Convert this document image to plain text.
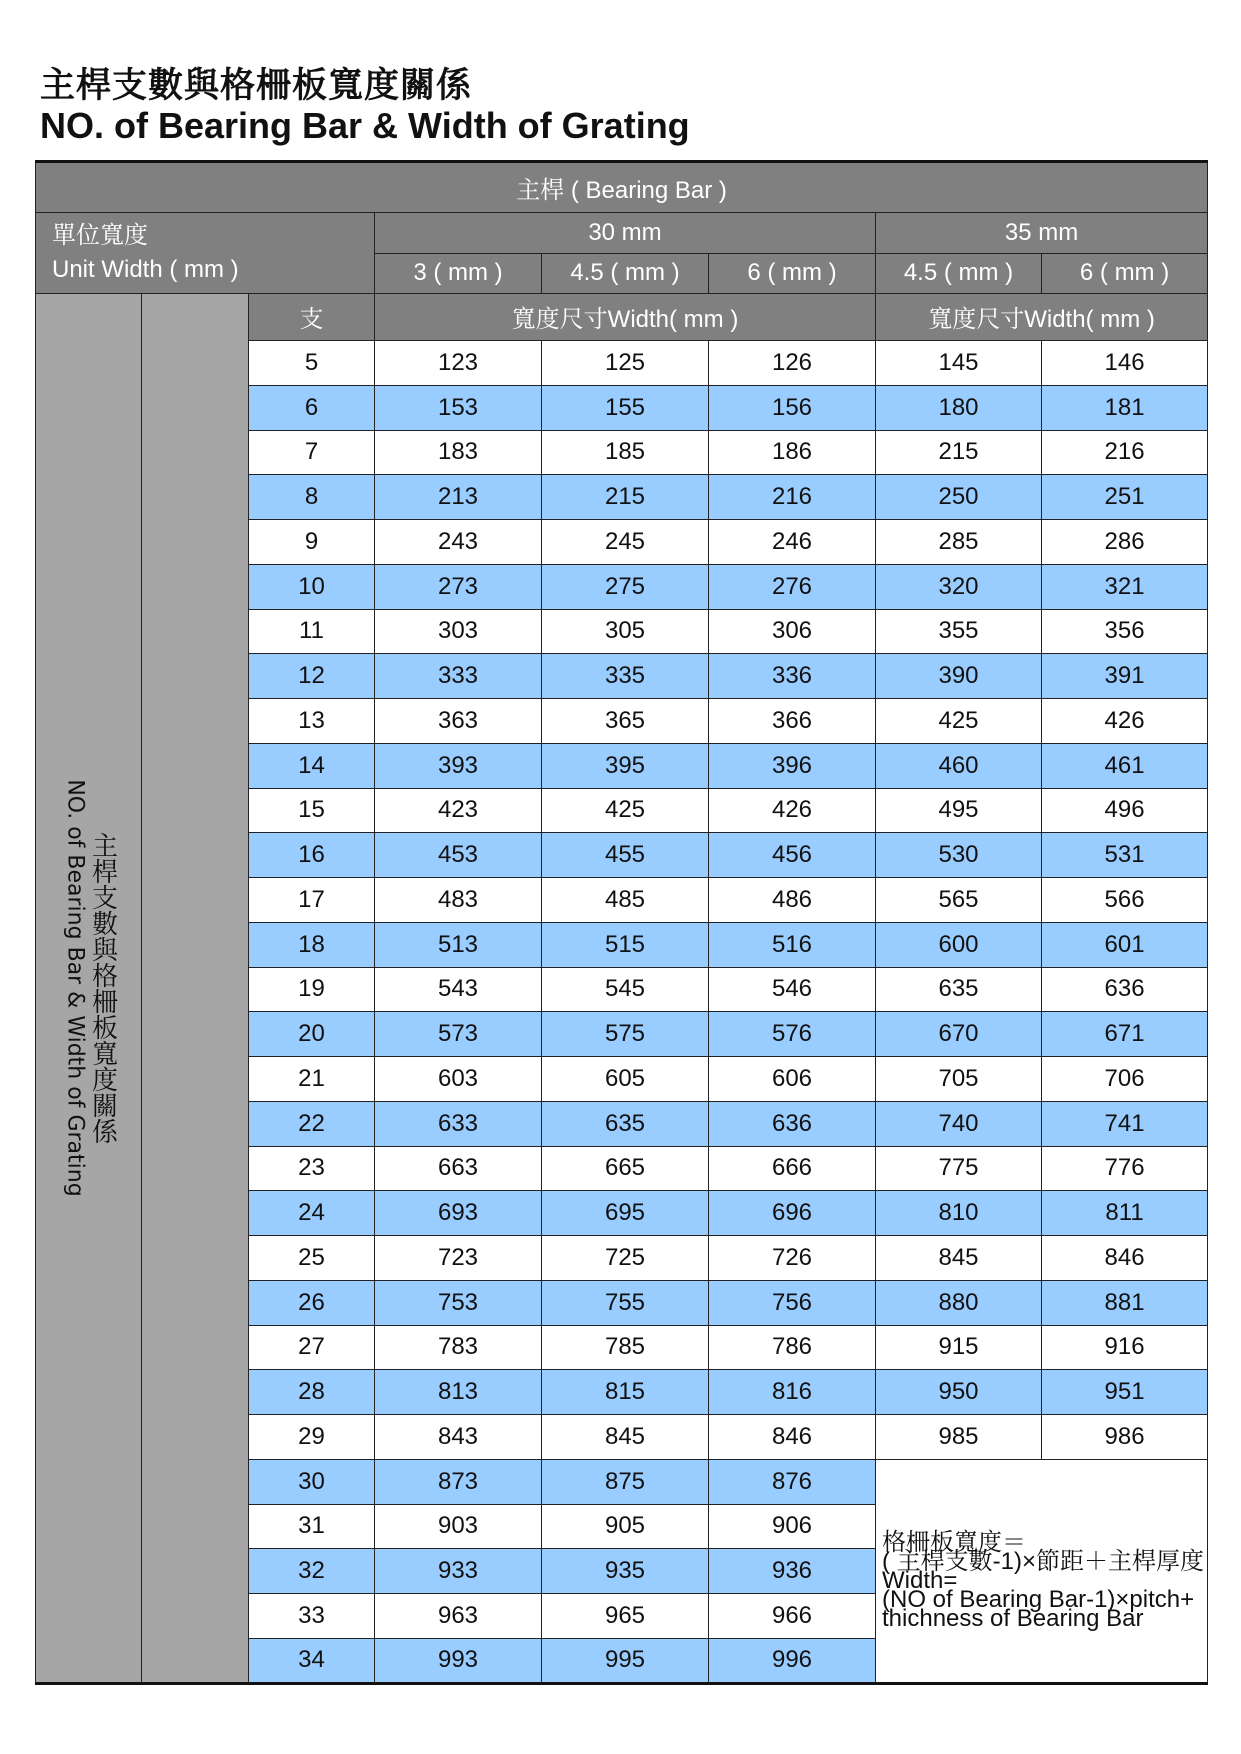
主桿支數與格柵板寬度關係
NO. of Bearing Bar & Width of Grating
主桿 ( Bearing Bar )							

單位寬度
Unit Width ( mm )			30 mm			35 mm	
			3 ( mm )	4.5 ( mm )	6 ( mm )	4.5 ( mm )	6 ( mm )

主桿支數與格柵板寬度關係
NO. of Bearing Bar & Width of Grating		支	寬度尺寸Width( mm )			寬度尺寸Width( mm )	
		5	123	125	126	145	146
		6	153	155	156	180	181
		7	183	185	186	215	216
		8	213	215	216	250	251
		9	243	245	246	285	286
		10	273	275	276	320	321
		11	303	305	306	355	356
		12	333	335	336	390	391
		13	363	365	366	425	426
		14	393	395	396	460	461
		15	423	425	426	495	496
		16	453	455	456	530	531
		17	483	485	486	565	566
		18	513	515	516	600	601
		19	543	545	546	635	636
		20	573	575	576	670	671
		21	603	605	606	705	706
		22	633	635	636	740	741
		23	663	665	666	775	776
		24	693	695	696	810	811
		25	723	725	726	845	846
		26	753	755	756	880	881
		27	783	785	786	915	916
		28	813	815	816	950	951
		29	843	845	846	985	986
		30	873	875	876	格柵板寬度＝
( 主桿支數-1)×節距＋主桿厚度
Width=
(NO of Bearing Bar-1)×pitch+
thichness of Bearing Bar	

		31	903	905	906		
		32	933	935	936		
		33	963	965	966		
		34	993	995	996		
